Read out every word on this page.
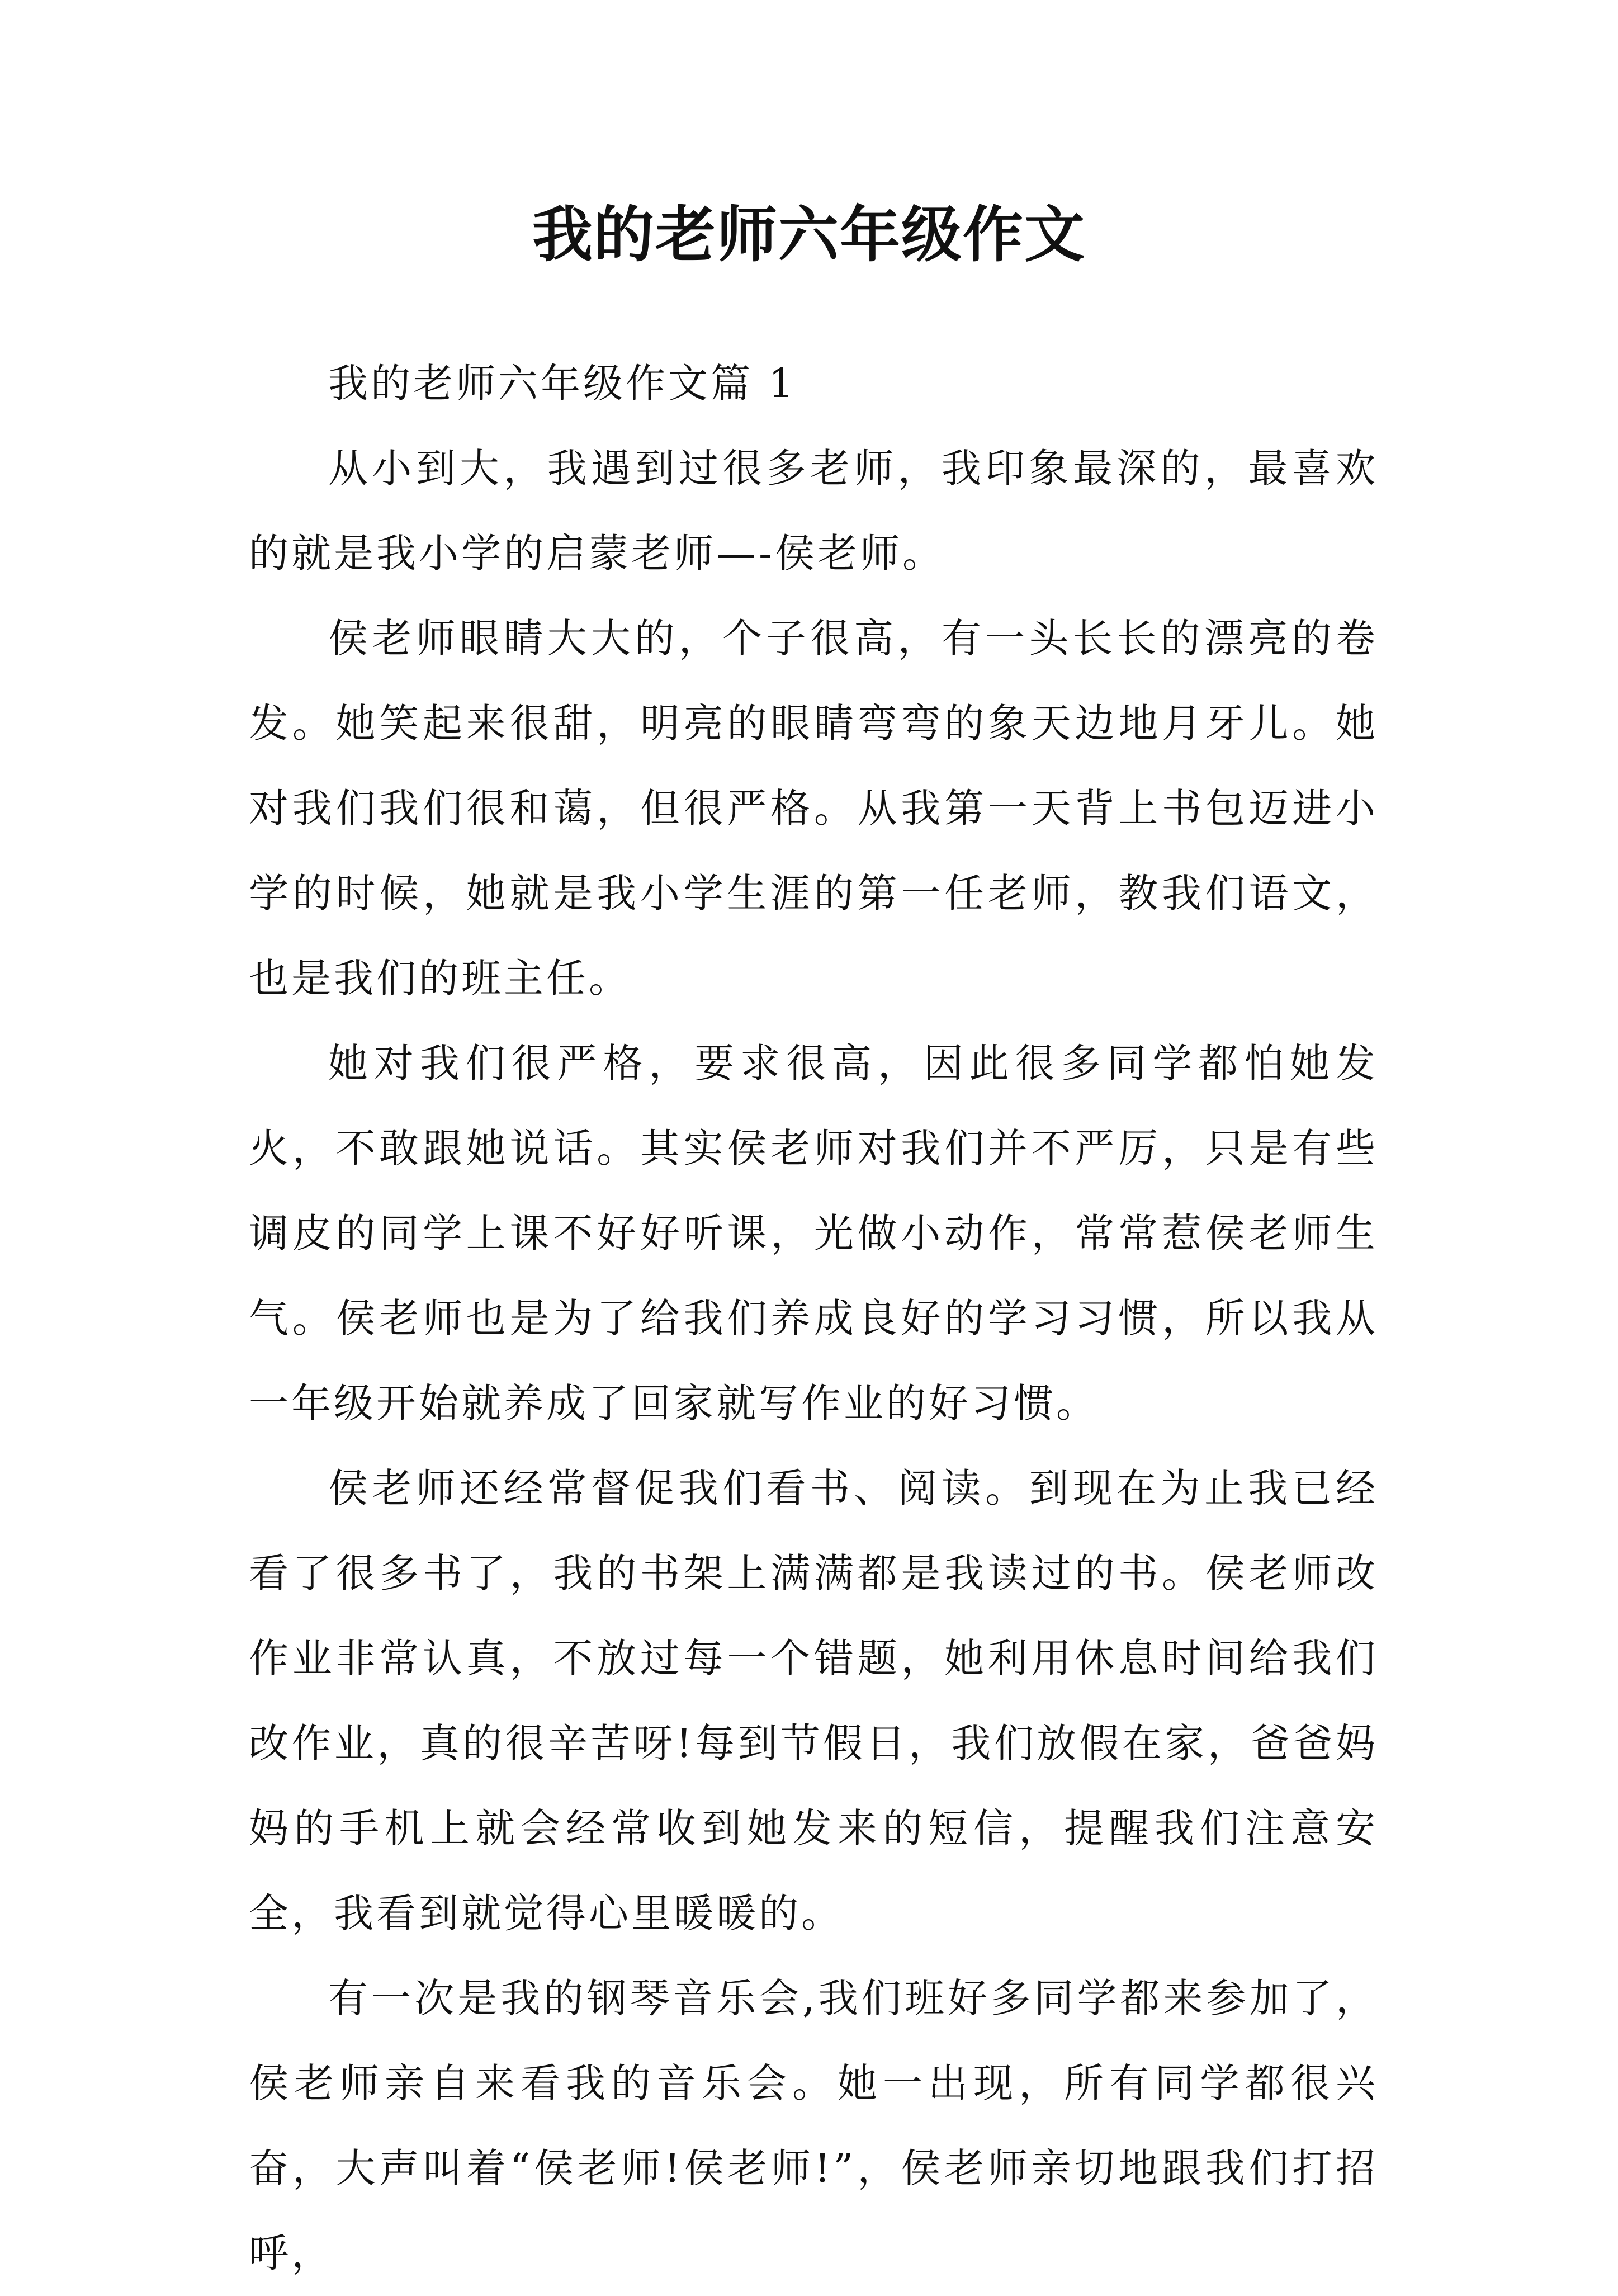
我的老师六年级作文

我的老师六年级作文篇 1

从小到大，我遇到过很多老师，我印象最深的，最喜欢的就是我小学的启蒙老师—-侯老师。

侯老师眼睛大大的，个子很高，有一头长长的漂亮的卷发。她笑起来很甜，明亮的眼睛弯弯的象天边地月牙儿。她对我们我们很和蔼，但很严格。从我第一天背上书包迈进小学的时候，她就是我小学生涯的第一任老师，教我们语文，也是我们的班主任。

她对我们很严格，要求很高，因此很多同学都怕她发火，不敢跟她说话。其实侯老师对我们并不严厉，只是有些调皮的同学上课不好好听课，光做小动作，常常惹侯老师生气。侯老师也是为了给我们养成良好的学习习惯，所以我从一年级开始就养成了回家就写作业的好习惯。

侯老师还经常督促我们看书、阅读。到现在为止我已经看了很多书了，我的书架上满满都是我读过的书。侯老师改作业非常认真，不放过每一个错题，她利用休息时间给我们改作业，真的很辛苦呀!每到节假日，我们放假在家，爸爸妈妈的手机上就会经常收到她发来的短信，提醒我们注意安全，我看到就觉得心里暖暖的。

有一次是我的钢琴音乐会,我们班好多同学都来参加了，侯老师亲自来看我的音乐会。她一出现，所有同学都很兴奋，大声叫着“侯老师!侯老师!”，侯老师亲切地跟我们打招呼，
